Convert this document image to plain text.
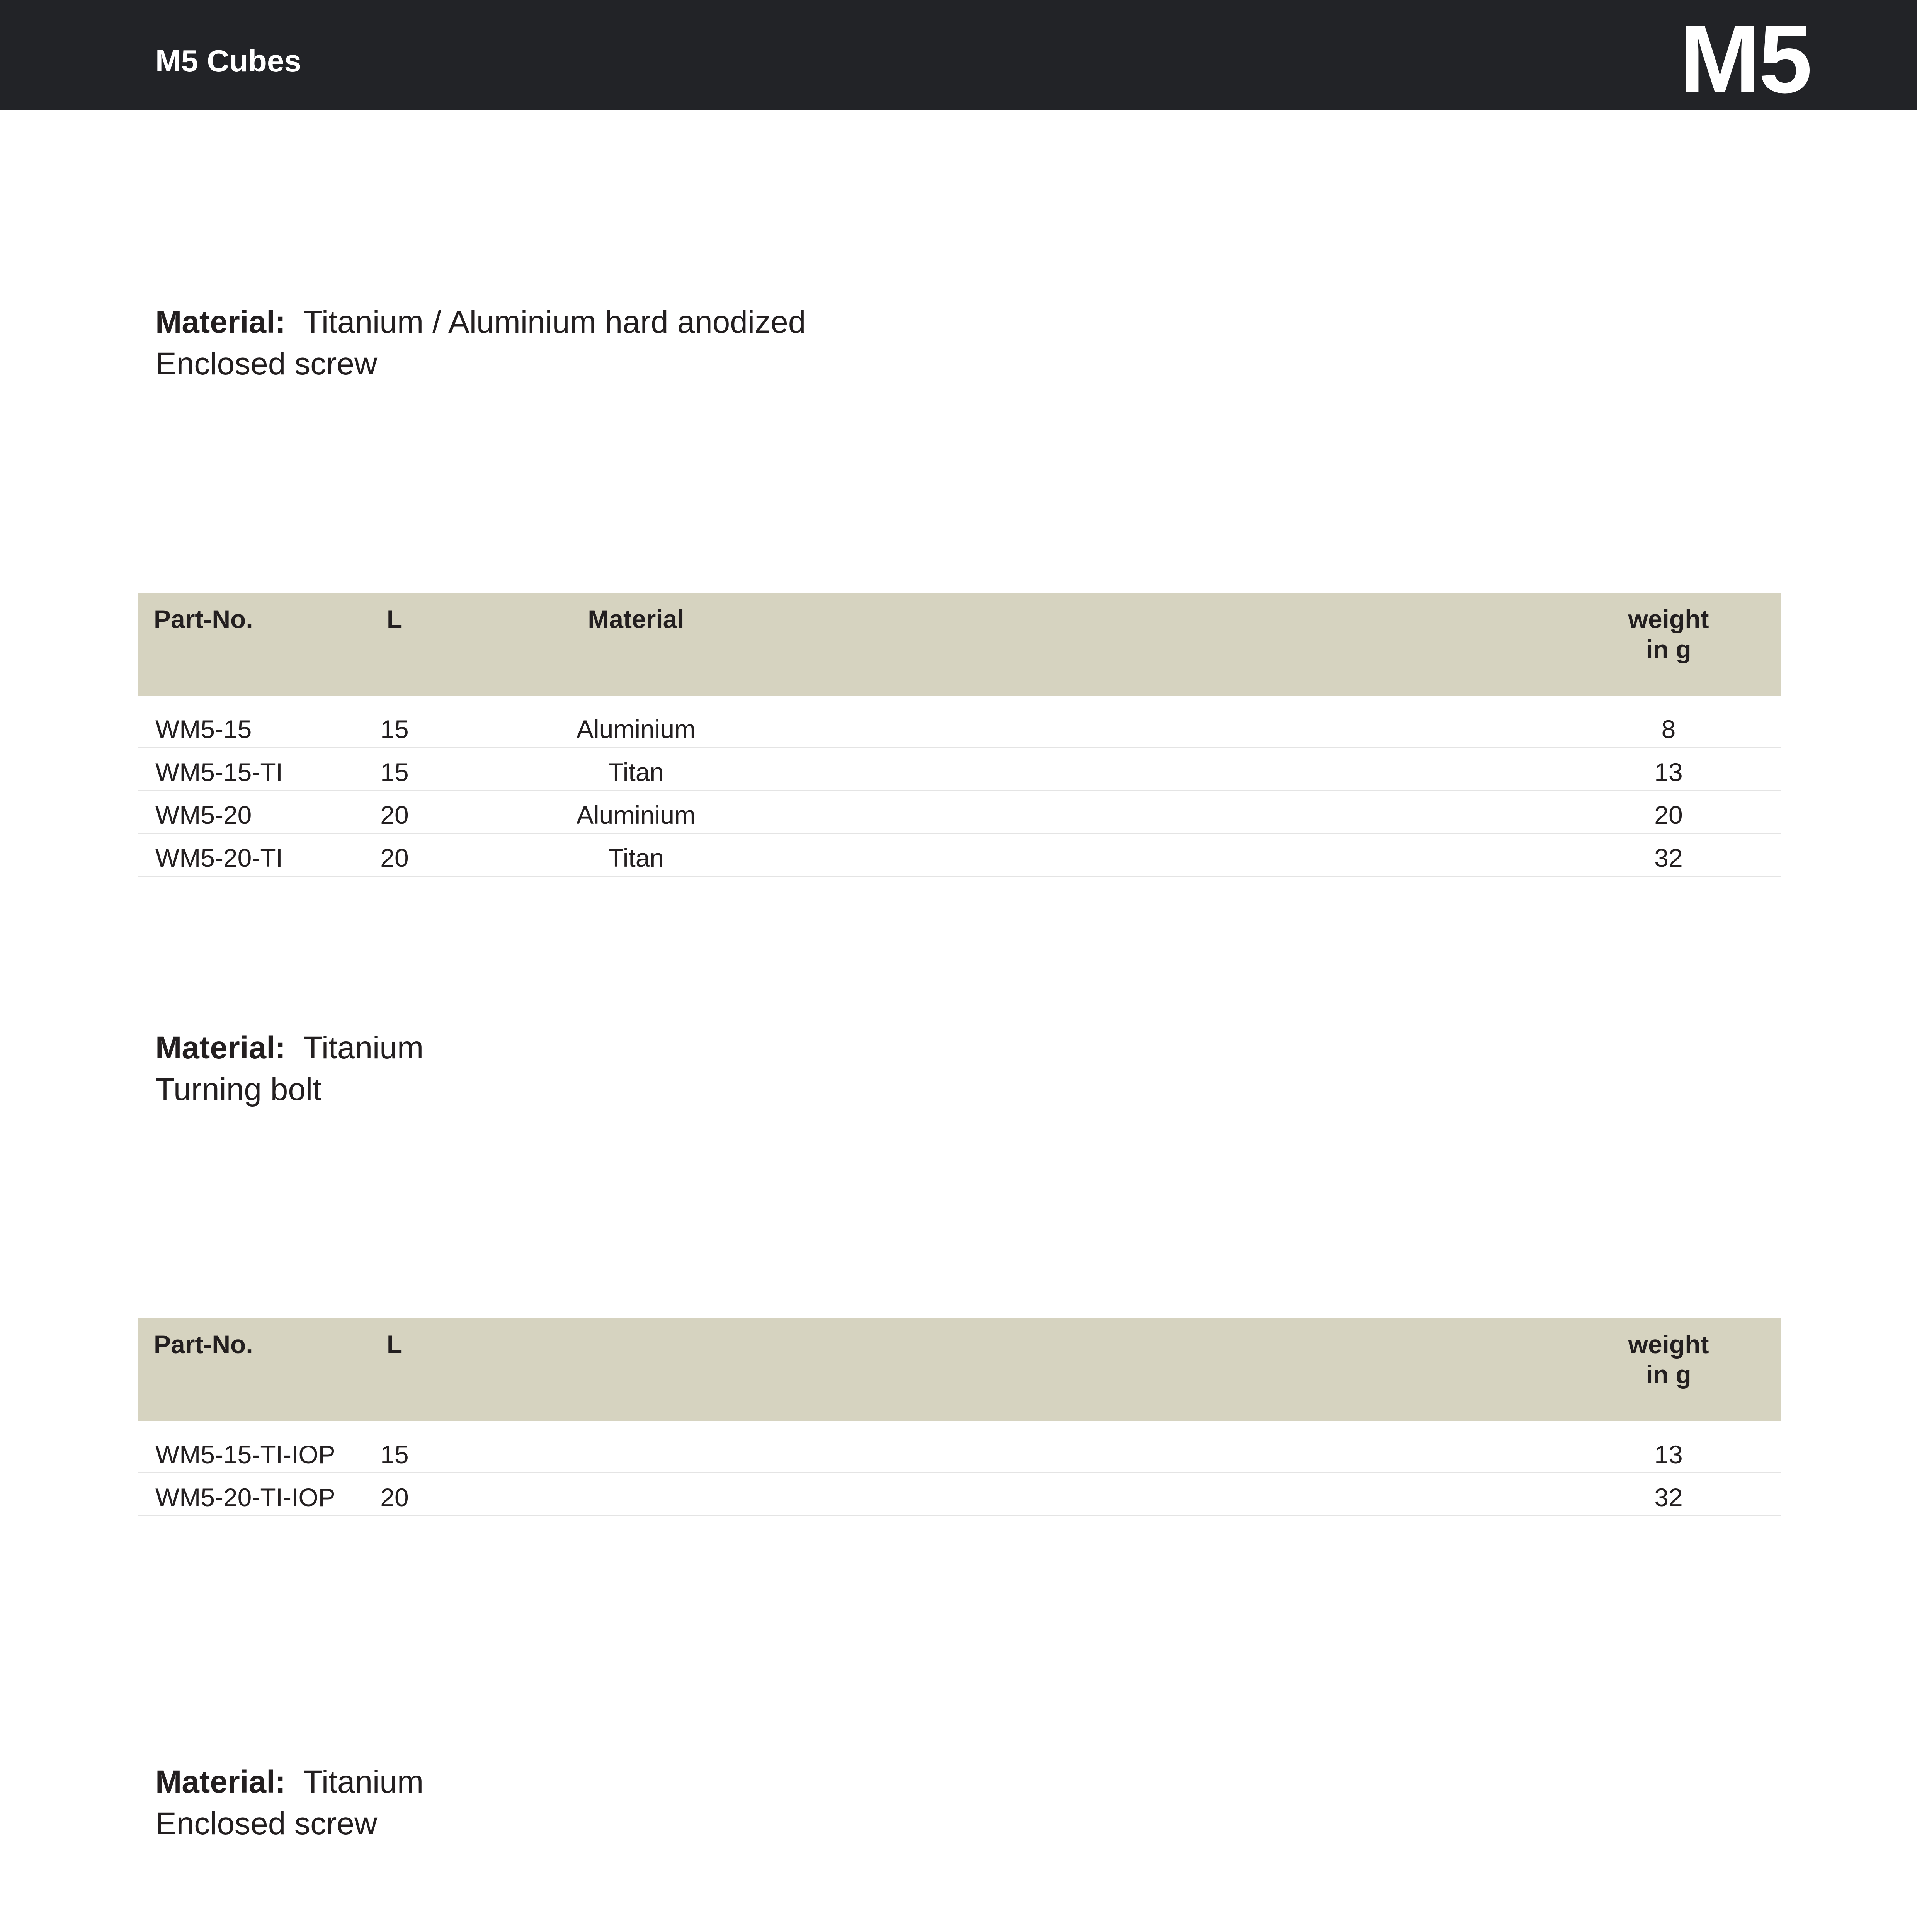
M5 Cubes	M5
Material: Titanium / Aluminium hard anodized
Enclosed screw
Part-No.	L	Material		weight
in g
WM5-15	15	Aluminium		8
WM5-15-TI	15	Titan		13
WM5-20	20	Aluminium		20
WM5-20-TI	20	Titan		32
Material: Titanium
Turning bolt
Part-No.	L		weight
in g
WM5-15-TI-IOP	15		13
WM5-20-TI-IOP	20		32
Material: Titanium
Enclosed screw
